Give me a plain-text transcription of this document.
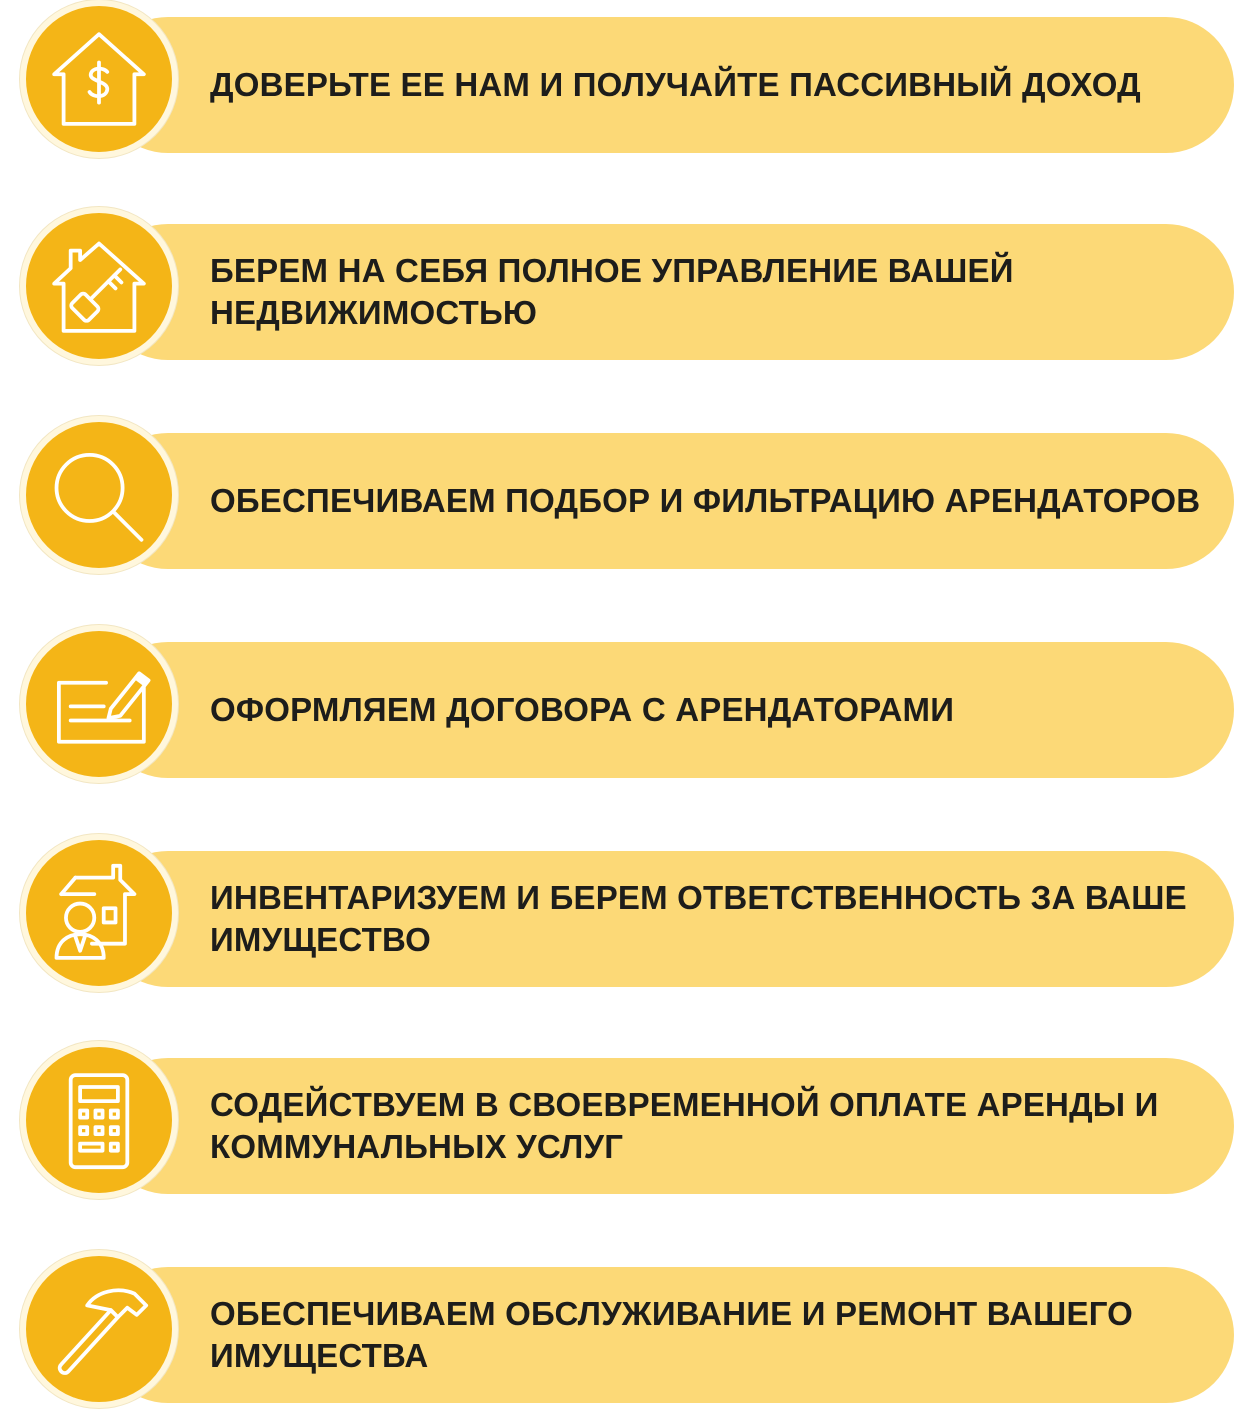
ДОВЕРЬТЕ ЕЕ НАМ И ПОЛУЧАЙТЕ ПАССИВНЫЙ ДОХОД
БЕРЕМ НА СЕБЯ ПОЛНОЕ УПРАВЛЕНИЕ ВАШЕЙ НЕДВИЖИМОСТЬЮ
ОБЕСПЕЧИВАЕМ ПОДБОР И ФИЛЬТРАЦИЮ АРЕНДАТОРОВ
ОФОРМЛЯЕМ ДОГОВОРА С АРЕНДАТОРАМИ
ИНВЕНТАРИЗУЕМ И БЕРЕМ ОТВЕТСТВЕННОСТЬ ЗА ВАШЕ ИМУЩЕСТВО
СОДЕЙСТВУЕМ В СВОЕВРЕМЕННОЙ ОПЛАТЕ АРЕНДЫ И КОММУНАЛЬНЫХ УСЛУГ
ОБЕСПЕЧИВАЕМ ОБСЛУЖИВАНИЕ И РЕМОНТ ВАШЕГО ИМУЩЕСТВА
